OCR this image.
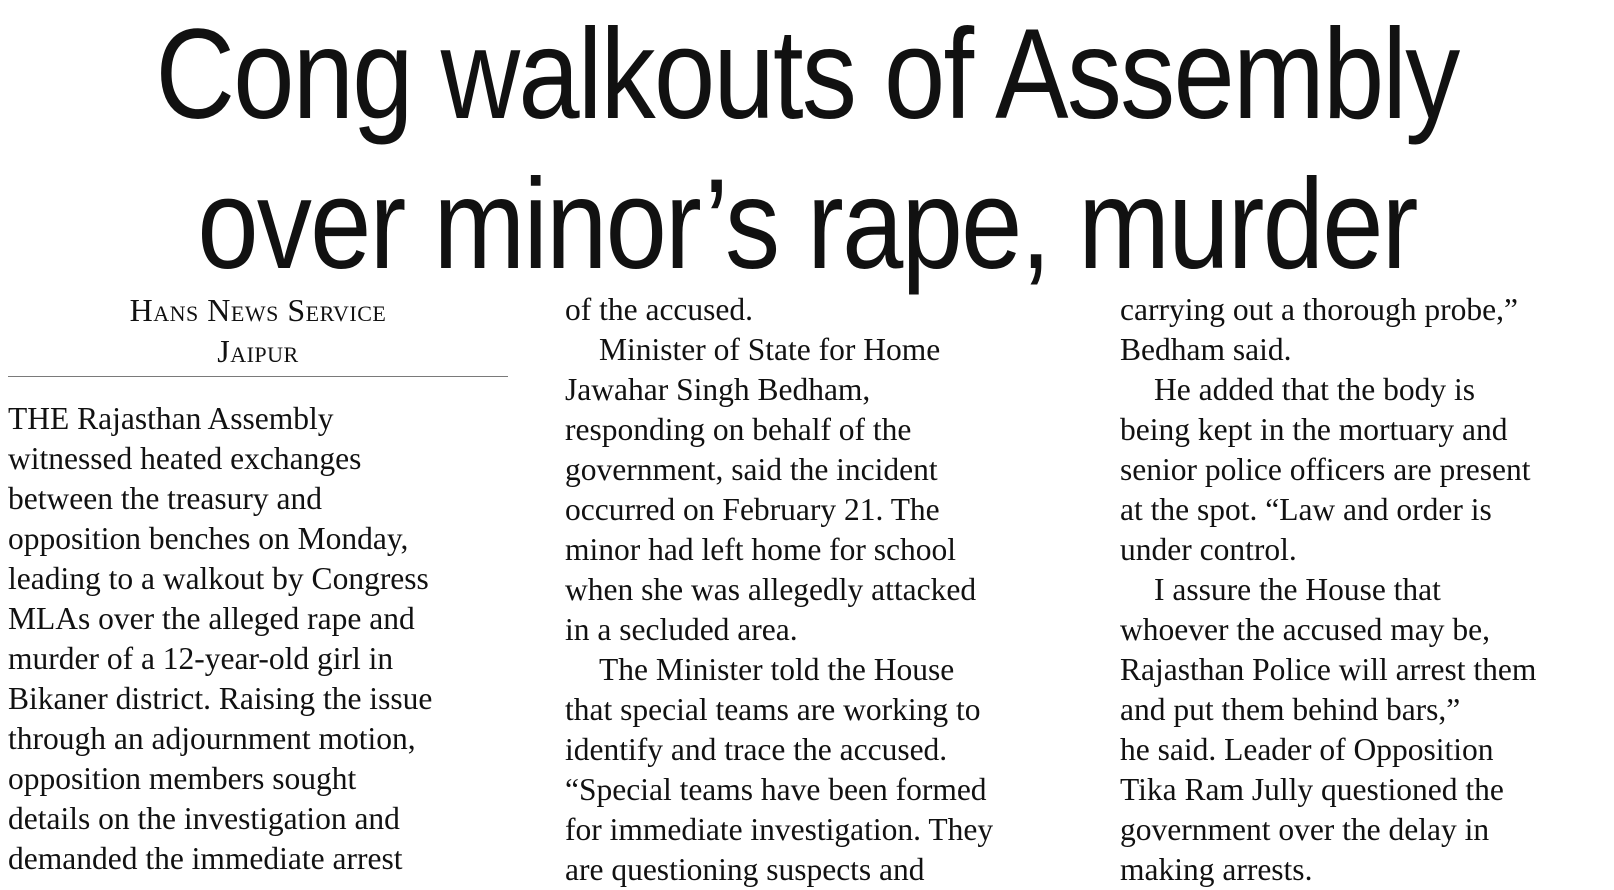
Cong walkouts of Assembly
over minor’s rape, murder
Hans News Service
Jaipur
THE Rajasthan Assembly
witnessed heated exchanges
between the treasury and
opposition benches on Monday,
leading to a walkout by Congress
MLAs over the alleged rape and
murder of a 12-year-old girl in
Bikaner district. Raising the issue
through an adjournment motion,
opposition members sought
details on the investigation and
demanded the immediate arrest
of the accused.
Minister of State for Home
Jawahar Singh Bedham,
responding on behalf of the
government, said the incident
occurred on February 21. The
minor had left home for school
when she was allegedly attacked
in a secluded area.
The Minister told the House
that special teams are working to
identify and trace the accused.
“Special teams have been formed
for immediate investigation. They
are questioning suspects and
carrying out a thorough probe,”
Bedham said.
He added that the body is
being kept in the mortuary and
senior police officers are present
at the spot. “Law and order is
under control.
I assure the House that
whoever the accused may be,
Rajasthan Police will arrest them
and put them behind bars,”
he said. Leader of Opposition
Tika Ram Jully questioned the
government over the delay in
making arrests.
